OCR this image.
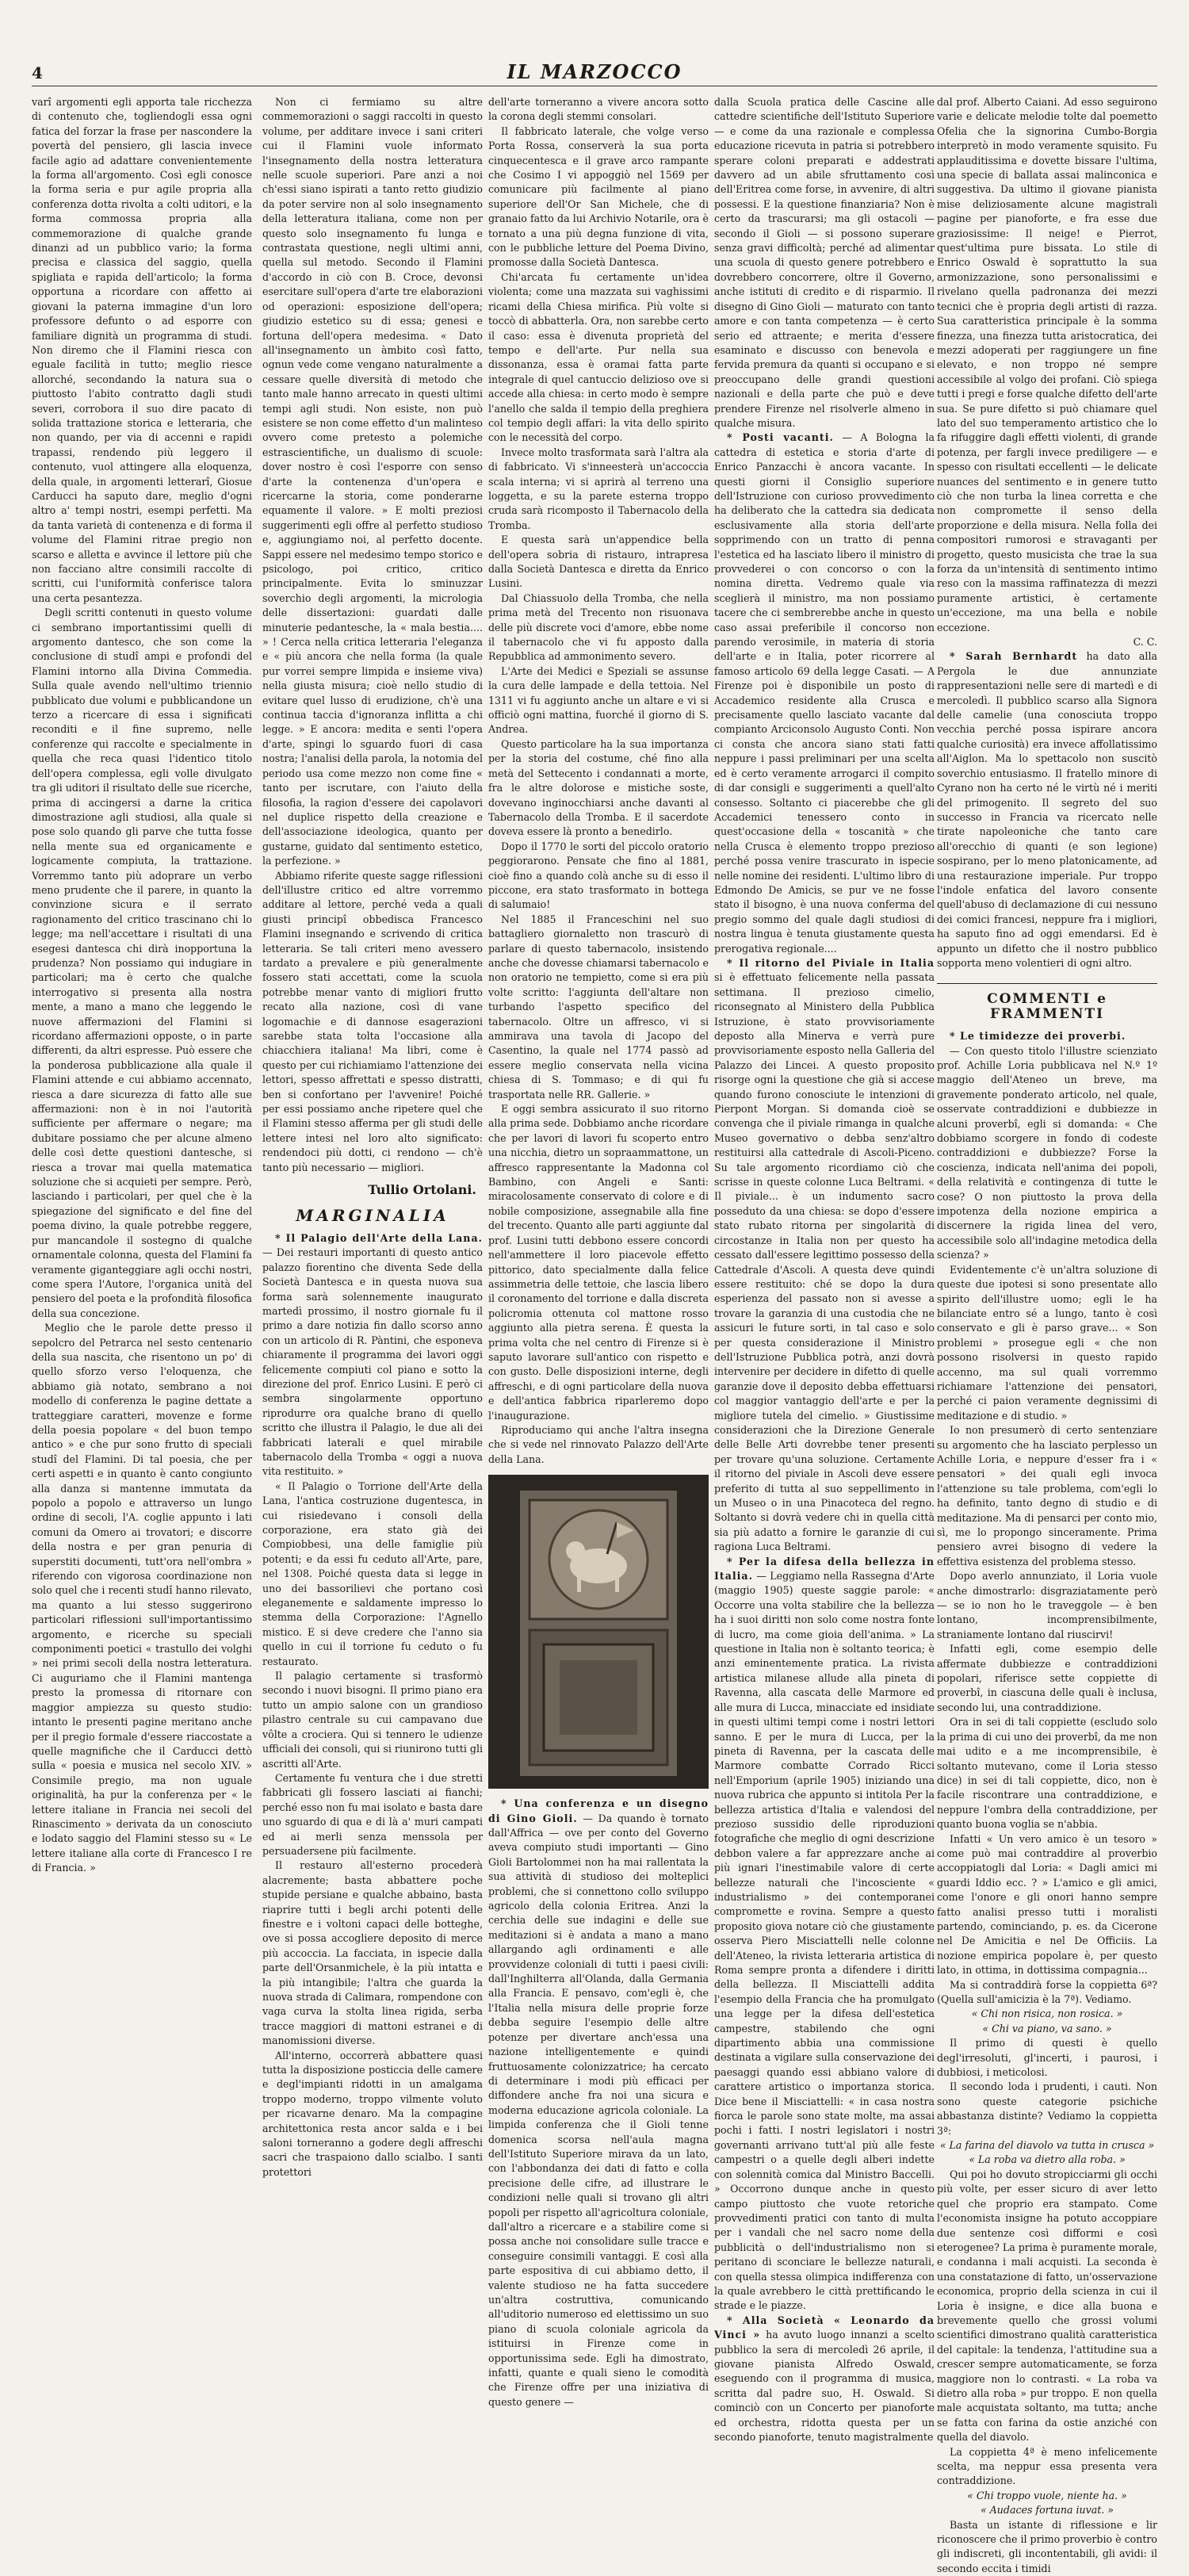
4	IL MARZOCCO

varî argomenti egli apporta tale ricchezza di contenuto che, togliendogli essa ogni fatica del forzar la frase per nascondere la povertà del pensiero, gli lascia invece facile agio ad adattare convenientemente la forma all'argomento. Così egli conosce la forma seria e pur agile propria alla conferenza dotta rivolta a colti uditori, e la forma commossa propria alla commemorazione di qualche grande dinanzi ad un pubblico vario; la forma precisa e classica del saggio, quella spigliata e rapida dell'articolo; la forma opportuna a ricordare con affetto ai giovani la paterna immagine d'un loro professore defunto o ad esporre con familiare dignità un programma di studi. Non diremo che il Flamini riesca con eguale facilità in tutto; meglio riesce allorché, secondando la natura sua o piuttosto l'abito contratto dagli studi severi, corrobora il suo dire pacato di solida trattazione storica e letteraria, che non quando, per via di accenni e rapidi trapassi, rendendo più leggero il contenuto, vuol attingere alla eloquenza, della quale, in argomenti letterarî, Giosue Carducci ha saputo dare, meglio d'ogni altro a' tempi nostri, esempi perfetti. Ma da tanta varietà di contenenza e di forma il volume del Flamini ritrae pregio non scarso e alletta e avvince il lettore più che non facciano altre consimili raccolte di scritti, cui l'uniformità conferisce talora una certa pesantezza.

Degli scritti contenuti in questo volume ci sembrano importantissimi quelli di argomento dantesco, che son come la conclusione di studî ampi e profondi del Flamini intorno alla Divina Commedia. Sulla quale avendo nell'ultimo triennio pubblicato due volumi e pubblicandone un terzo a ricercare di essa i significati reconditi e il fine supremo, nelle conferenze qui raccolte e specialmente in quella che reca quasi l'identico titolo dell'opera complessa, egli volle divulgato tra gli uditori il risultato delle sue ricerche, prima di accingersi a darne la critica dimostrazione agli studiosi, alla quale si pose solo quando gli parve che tutta fosse nella mente sua ed organicamente e logicamente compiuta, la trattazione. Vorremmo tanto più adoprare un verbo meno prudente che il parere, in quanto la convinzione sicura e il serrato ragionamento del critico trascinano chi lo legge; ma nell'accettare i risultati di una esegesi dantesca chi dirà inopportuna la prudenza? Non possiamo qui indugiare in particolari; ma è certo che qualche interrogativo si presenta alla nostra mente, a mano a mano che leggendo le nuove affermazioni del Flamini si ricordano affermazioni opposte, o in parte differenti, da altri espresse. Può essere che la ponderosa pubblicazione alla quale il Flamini attende e cui abbiamo accennato, riesca a dare sicurezza di fatto alle sue affermazioni: non è in noi l'autorità sufficiente per affermare o negare; ma dubitare possiamo che per alcune almeno delle così dette questioni dantesche, si riesca a trovar mai quella matematica soluzione che si acquieti per sempre. Però, lasciando i particolari, per quel che è la spiegazione del significato e del fine del poema divino, la quale potrebbe reggere, pur mancandole il sostegno di qualche ornamentale colonna, questa del Flamini fa veramente giganteggiare agli occhi nostri, come spera l'Autore, l'organica unità del pensiero del poeta e la profondità filosofica della sua concezione.

Meglio che le parole dette presso il sepolcro del Petrarca nel sesto centenario della sua nascita, che risentono un po' di quello sforzo verso l'eloquenza, che abbiamo già notato, sembrano a noi modello di conferenza le pagine dettate a tratteggiare caratteri, movenze e forme della poesia popolare « del buon tempo antico » e che pur sono frutto di speciali studî del Flamini. Di tal poesia, che per certi aspetti e in quanto è canto congiunto alla danza si mantenne immutata da popolo a popolo e attraverso un lungo ordine di secoli, l'A. coglie appunto i lati comuni da Omero ai trovatori; e discorre della nostra e per gran penuria di superstiti documenti, tutt'ora nell'ombra » riferendo con vigorosa coordinazione non solo quel che i recenti studî hanno rilevato, ma quanto a lui stesso suggerirono particolari riflessioni sull'importantissimo argomento, e ricerche su speciali componimenti poetici « trastullo dei volghi » nei primi secoli della nostra letteratura. Ci auguriamo che il Flamini mantenga presto la promessa di ritornare con maggior ampiezza su questo studio: intanto le presenti pagine meritano anche per il pregio formale d'essere riaccostate a quelle magnifiche che il Carducci dettò sulla « poesia e musica nel secolo XIV. » Consimile pregio, ma non uguale originalità, ha pur la conferenza per « le lettere italiane in Francia nei secoli del Rinascimento » derivata da un conosciuto e lodato saggio del Flamini stesso su « Le lettere italiane alla corte di Francesco I re di Francia. »

Non ci fermiamo su altre commemorazioni o saggi raccolti in questo volume, per additare invece i sani criteri cui il Flamini vuole informato l'insegnamento della nostra letteratura nelle scuole superiori. Pare anzi a noi ch'essi siano ispirati a tanto retto giudizio da poter servire non al solo insegnamento della letteratura italiana, come non per questo solo insegnamento fu lunga e contrastata questione, negli ultimi anni, quella sul metodo. Secondo il Flamini d'accordo in ciò con B. Croce, devonsi esercitare sull'opera d'arte tre elaborazioni od operazioni: esposizione dell'opera; giudizio estetico su di essa; genesi e fortuna dell'opera medesima. « Dato all'insegnamento un àmbito così fatto, ognun vede come vengano naturalmente a cessare quelle diversità di metodo che tanto male hanno arrecato in questi ultimi tempi agli studi. Non esiste, non può esistere se non come effetto d'un malinteso ovvero come pretesto a polemiche estrascientifiche, un dualismo di scuole: dover nostro è così l'esporre con senso d'arte la contenenza d'un'opera e ricercarne la storia, come ponderarne equamente il valore. » E molti preziosi suggerimenti egli offre al perfetto studioso e, aggiungiamo noi, al perfetto docente. Sappi essere nel medesimo tempo storico e psicologo, poi critico, critico principalmente. Evita lo sminuzzar soverchio degli argomenti, la micrologia delle dissertazioni: guardati dalle minuterie pedantesche, la « mala bestia.... » ! Cerca nella critica letteraria l'eleganza e « più ancora che nella forma (la quale pur vorrei sempre limpida e insieme viva) nella giusta misura; cioè nello studio di evitare quel lusso di erudizione, ch'è una continua taccia d'ignoranza inflitta a chi legge. » E ancora: medita e senti l'opera d'arte, spingi lo sguardo fuori di casa nostra; l'analisi della parola, la notomia del periodo usa come mezzo non come fine « tanto per iscrutare, con l'aiuto della filosofia, la ragion d'essere dei capolavori nel duplice rispetto della creazione e dell'associazione ideologica, quanto per gustarne, guidato dal sentimento estetico, la perfezione. »

Abbiamo riferite queste sagge riflessioni dell'illustre critico ed altre vorremmo additare al lettore, perché veda a quali giusti principî obbedisca Francesco Flamini insegnando e scrivendo di critica letteraria. Se tali criteri meno avessero tardato a prevalere e più generalmente fossero stati accettati, come la scuola potrebbe menar vanto di migliori frutto recato alla nazione, così di vane logomachie e di dannose esagerazioni sarebbe stata tolta l'occasione alla chiacchiera italiana! Ma libri, come è questo per cui richiamiamo l'attenzione dei lettori, spesso affrettati e spesso distratti, ben si confortano per l'avvenire! Poiché per essi possiamo anche ripetere quel che il Flamini stesso afferma per gli studi delle lettere intesi nel loro alto significato: rendendoci più dotti, ci rendono — ch'è tanto più necessario — migliori.

Tullio Ortolani.

MARGINALIA

* Il Palagio dell'Arte della Lana. — Dei restauri importanti di questo antico palazzo fiorentino che diventa Sede della Società Dantesca e in questa nuova sua forma sarà solennemente inaugurato martedì prossimo, il nostro giornale fu il primo a dare notizia fin dallo scorso anno con un articolo di R. Pàntini, che esponeva chiaramente il programma dei lavori oggi felicemente compiuti col piano e sotto la direzione del prof. Enrico Lusini. E però ci sembra singolarmente opportuno riprodurre ora qualche brano di quello scritto che illustra il Palagio, le due ali dei fabbricati laterali e quel mirabile tabernacolo della Tromba « oggi a nuova vita restituito. »

« Il Palagio o Torrione dell'Arte della Lana, l'antica costruzione dugentesca, in cui risiedevano i consoli della corporazione, era stato già dei Compiobbesi, una delle famiglie più potenti; e da essi fu ceduto all'Arte, pare, nel 1308. Poiché questa data si legge in uno dei bassorilievi che portano così eleganemente e saldamente impresso lo stemma della Corporazione: l'Agnello mistico. E si deve credere che l'anno sia quello in cui il torrione fu ceduto o fu restaurato.

Il palagio certamente si trasformò secondo i nuovi bisogni. Il primo piano era tutto un ampio salone con un grandioso pilastro centrale su cui campavano due vôlte a crociera. Qui si tennero le udienze ufficiali dei consoli, qui si riunirono tutti gli ascritti all'Arte.

Certamente fu ventura che i due stretti fabbricati gli fossero lasciati ai fianchi; perché esso non fu mai isolato e basta dare uno sguardo di qua e di là a' muri campati ed ai merli senza menssola per persuadersene più facilmente.

Il restauro all'esterno procederà alacremente; basta abbattere poche stupide persiane e qualche abbaino, basta riaprire tutti i begli archi potenti delle finestre e i voltoni capaci delle botteghe, ove si possa accogliere deposito di merce più accoccia. La facciata, in ispecie dalla parte dell'Orsanmichele, è la più intatta e la più intangibile; l'altra che guarda la nuova strada di Calimara, rompendone con vaga curva la stolta linea rigida, serba tracce maggiori di mattoni estranei e di manomissioni diverse.

All'interno, occorrerà abbattere quasi tutta la disposizione posticcia delle camere e degl'impianti ridotti in un amalgama troppo moderno, troppo vilmente voluto per ricavarne denaro. Ma la compagine architettonica resta ancor salda e i bei saloni torneranno a godere degli affreschi sacri che traspaiono dallo scialbo. I santi protettori

dell'arte torneranno a vivere ancora sotto la corona degli stemmi consolari.

Il fabbricato laterale, che volge verso Porta Rossa, conserverà la sua porta cinquecentesca e il grave arco rampante che Cosimo I vi appoggiò nel 1569 per comunicare più facilmente al piano superiore dell'Or San Michele, che di granaio fatto da lui Archivio Notarile, ora è tornato a una più degna funzione di vita, con le pubbliche letture del Poema Divino, promosse dalla Società Dantesca.

Chi'arcata fu certamente un'idea violenta; come una mazzata sui vaghissimi ricami della Chiesa mirifica. Più volte si toccò di abbatterla. Ora, non sarebbe certo il caso: essa è divenuta proprietà del tempo e dell'arte. Pur nella sua dissonanza, essa è oramai fatta parte integrale di quel cantuccio delizioso ove si accede alla chiesa: in certo modo è sempre l'anello che salda il tempio della preghiera col tempio degli affari: la vita dello spirito con le necessità del corpo.

Invece molto trasformata sarà l'altra ala di fabbricato. Vi s'inneesterà un'accoccia scala interna; vi si aprirà al terreno una loggetta, e su la parete esterna troppo cruda sarà ricomposto il Tabernacolo della Tromba.

E questa sarà un'appendice bella dell'opera sobria di ristauro, intrapresa dalla Società Dantesca e diretta da Enrico Lusini.

Dal Chiassuolo della Tromba, che nella prima metà del Trecento non risuonava delle più discrete voci d'amore, ebbe nome il tabernacolo che vi fu apposto dalla Repubblica ad ammonimento severo.

L'Arte dei Medici e Speziali se assunse la cura delle lampade e della tettoia. Nel 1311 vi fu aggiunto anche un altare e vi si officiò ogni mattina, fuorché il giorno di S. Andrea.

Questo particolare ha la sua importanza per la storia del costume, ché fino alla metà del Settecento i condannati a morte, fra le altre dolorose e mistiche soste, dovevano inginocchiarsi anche davanti al Tabernacolo della Tromba. E il sacerdote doveva essere là pronto a benedirlo.

Dopo il 1770 le sorti del piccolo oratorio peggiorarono. Pensate che fino al 1881, cioè fino a quando colà anche su di esso il piccone, era stato trasformato in bottega di salumaio!

Nel 1885 il Franceschini nel suo battagliero giornaletto non trascurò di parlare di questo tabernacolo, insistendo anche che dovesse chiamarsi tabernacolo e non oratorio ne tempietto, come si era più volte scritto: l'aggiunta dell'altare non turbando l'aspetto specifico del tabernacolo. Oltre un affresco, vi si ammirava una tavola di Jacopo del Casentino, la quale nel 1774 passò ad essere meglio conservata nella vicina chiesa di S. Tommaso; e di qui fu trasportata nelle RR. Gallerie. »

E oggi sembra assicurato il suo ritorno alla prima sede. Dobbiamo anche ricordare che per lavori di lavori fu scoperto entro una nicchia, dietro un sopraammattone, un affresco rappresentante la Madonna col Bambino, con Angeli e Santi: miracolosamente conservato di colore e di nobile composizione, assegnabile alla fine del trecento. Quanto alle parti aggiunte dal prof. Lusini tutti debbono essere concordi nell'ammettere il loro piacevole effetto pittorico, dato specialmente dalla felice assimmetria delle tettoie, che lascia libero il coronamento del torrione e dalla discreta policromia ottenuta col mattone rosso aggiunto alla pietra serena. È questa la prima volta che nel centro di Firenze si è saputo lavorare sull'antico con rispetto e con gusto. Delle disposizioni interne, degli affreschi, e di ogni particolare della nuova e dell'antica fabbrica riparleremo dopo l'inaugurazione.

Riproduciamo qui anche l'altra insegna che si vede nel rinnovato Palazzo dell'Arte della Lana.

* Una conferenza e un disegno di Gino Gioli. — Da quando è tornato dall'Affrica — ove per conto del Governo aveva compiuto studi importanti — Gino Gioli Bartolommei non ha mai rallentata la sua attività di studioso dei molteplici problemi, che si connettono collo sviluppo agricolo della colonia Eritrea. Anzi la cerchia delle sue indagini e delle sue meditazioni si è andata a mano a mano allargando agli ordinamenti e alle provvidenze coloniali di tutti i paesi civili: dall'Inghilterra all'Olanda, dalla Germania alla Francia. E pensavo, com'egli è, che l'Italia nella misura delle proprie forze debba seguire l'esempio delle altre potenze per divertare anch'essa una nazione intelligentemente e quindi fruttuosamente colonizzatrice; ha cercato di determinare i modi più efficaci per diffondere anche fra noi una sicura e moderna educazione agricola coloniale. La limpida conferenza che il Gioli tenne domenica scorsa nell'aula magna dell'Istituto Superiore mirava da un lato, con l'abbondanza dei dati di fatto e colla precisione delle cifre, ad illustrare le condizioni nelle quali si trovano gli altri popoli per rispetto all'agricoltura coloniale, dall'altro a ricercare e a stabilire come si possa anche noi consolidare sulle tracce e conseguire consimili vantaggi. E così alla parte espositiva di cui abbiamo detto, il valente studioso ne ha fatta succedere un'altra costruttiva, comunicando all'uditorio numeroso ed elettissimo un suo piano di scuola coloniale agricola da istituirsi in Firenze come in opportunissima sede. Egli ha dimostrato, infatti, quante e quali sieno le comodità che Firenze offre per una iniziativa di questo genere —

dalla Scuola pratica delle Cascine alle cattedre scientifiche dell'Istituto Superiore — e come da una razionale e complessa educazione ricevuta in patria si potrebbero sperare coloni preparati e addestrati davvero ad un abile sfruttamento così dell'Eritrea come forse, in avvenire, di altri possessi. E la questione finanziaria? Non è certo da trascurarsi; ma gli ostacoli — secondo il Gioli — si possono superare senza gravi difficoltà; perché ad alimentar una scuola di questo genere potrebbero e dovrebbero concorrere, oltre il Governo, anche istituti di credito e di risparmio. Il disegno di Gino Gioli — maturato con tanto amore e con tanta competenza — è certo serio ed attraente; e merita d'essere esaminato e discusso con benevola e fervida premura da quanti si occupano e si preoccupano delle grandi questioni nazionali e della parte che può e deve prendere Firenze nel risolverle almeno in qualche misura.

* Posti vacanti. — A Bologna la cattedra di estetica e storia d'arte di Enrico Panzacchi è ancora vacante. In questi giorni il Consiglio superiore dell'Istruzione con curioso provvedimento ha deliberato che la cattedra sia dedicata esclusivamente alla storia dell'arte sopprimendo con un tratto di penna l'estetica ed ha lasciato libero il ministro di provvederei o con concorso o con la nomina diretta. Vedremo quale via sceglierà il ministro, ma non possiamo tacere che ci sembrerebbe anche in questo caso assai preferibile il concorso non parendo verosimile, in materia di storia dell'arte e in Italia, poter ricorrere al famoso articolo 69 della legge Casati. — A Firenze poi è disponibile un posto di Accademico residente alla Crusca e precisamente quello lasciato vacante dal compianto Arciconsolo Augusto Conti. Non ci consta che ancora siano stati fatti neppure i passi preliminari per una scelta ed è certo veramente arrogarci il compito di dar consigli e suggerimenti a quell'alto consesso. Soltanto ci piacerebbe che gli Accademici tenessero conto in quest'occasione della « toscanità » che nella Crusca è elemento troppo prezioso perché possa venire trascurato in ispecie nelle nomine dei residenti. L'ultimo libro di Edmondo De Amicis, se pur ve ne fosse stato il bisogno, è una nuova conferma del pregio sommo del quale dagli studiosi di nostra lingua è tenuta giustamente questa prerogativa regionale....

* Il ritorno del Piviale in Italia si è effettuato felicemente nella passata settimana. Il prezioso cimelio, riconsegnato al Ministero della Pubblica Istruzione, è stato provvisoriamente deposto alla Minerva e verrà pure provvisoriamente esposto nella Galleria del Palazzo dei Lincei. A questo proposito risorge ogni la questione che già si accese quando furono conosciute le intenzioni di Pierpont Morgan. Si domanda cioè se convenga che il piviale rimanga in qualche Museo governativo o debba senz'altro restituirsi alla cattedrale di Ascoli-Piceno. Su tale argomento ricordiamo ciò che scrisse in queste colonne Luca Beltrami. « Il piviale... è un indumento sacro posseduto da una chiesa: se dopo d'essere stato rubato ritorna per singolarità di circostanze in Italia non per questo ha cessato dall'essere legittimo possesso della Cattedrale d'Ascoli. A questa deve quindi essere restituito: ché se dopo la dura esperienza del passato non si avesse a trovare la garanzia di una custodia che ne assicuri le future sorti, in tal caso e solo per questa considerazione il Ministro dell'Istruzione Pubblica potrà, anzi dovrà intervenire per decidere in difetto di quelle garanzie dove il deposito debba effettuarsi col maggior vantaggio dell'arte e per la migliore tutela del cimelio. » Giustissime considerazioni che la Direzione Generale delle Belle Arti dovrebbe tener presenti per trovare qu'una soluzione. Certamente il ritorno del piviale in Ascoli deve essere preferito di tutta al suo seppellimento in un Museo o in una Pinacoteca del regno. Soltanto si dovrà vedere chi in quella città sia più adatto a fornire le garanzie di cui ragiona Luca Beltrami.

* Per la difesa della bellezza in Italia. — Leggiamo nella Rassegna d'Arte (maggio 1905) queste saggie parole: « Occorre una volta stabilire che la bellezza ha i suoi diritti non solo come nostra fonte di lucro, ma come gioia dell'anima. » La questione in Italia non è soltanto teorica; è anzi eminentemente pratica. La rivista artistica milanese allude alla pineta di Ravenna, alla cascata delle Marmore ed alle mura di Lucca, minacciate ed insidiate in questi ultimi tempi come i nostri lettori sanno. E per le mura di Lucca, per la pineta di Ravenna, per la cascata delle Marmore combatte Corrado Ricci nell'Emporium (aprile 1905) iniziando una nuova rubrica che appunto si intitola Per la bellezza artistica d'Italia e valendosi del prezioso sussidio delle riproduzioni fotografiche che meglio di ogni descrizione debbon valere a far apprezzare anche ai più ignari l'inestimabile valore di certe bellezze naturali che l'incosciente « industrialismo » dei contemporanei compromette e rovina. Sempre a questo proposito giova notare ciò che giustamente osserva Piero Misciattelli nelle colonne dell'Ateneo, la rivista letteraria artistica di Roma sempre pronta a difendere i diritti della bellezza. Il Misciattelli addita l'esempio della Francia che ha promulgato una legge per la difesa dell'estetica campestre, stabilendo che ogni dipartimento abbia una commissione destinata a vigilare sulla conservazione dei paesaggi quando essi abbiano valore di carattere artistico o importanza storica. Dice bene il Misciattelli: « in casa nostra fiorca le parole sono state molte, ma assai pochi i fatti. I nostri legislatori i nostri governanti arrivano tutt'al più alle feste campestri o a quelle degli alberi indette con solennità comica dal Ministro Baccelli. » Occorrono dunque anche in questo campo piuttosto che vuote retoriche provvedimenti pratici con tanto di multa per i vandali che nel sacro nome della pubblicità o dell'industrialismo non si peritano di sconciare le bellezze naturali, con quella stessa olimpica indifferenza con la quale avrebbero le città prettificando le strade e le piazze.

* Alla Società « Leonardo da Vinci » ha avuto luogo innanzi a scelto pubblico la sera di mercoledì 26 aprile, il giovane pianista Alfredo Oswald, eseguendo con il programma di musica, scritta dal padre suo, H. Oswald. Si cominciò con un Concerto per pianoforte ed orchestra, ridotta questa per un secondo pianoforte, tenuto magistralmente

dal prof. Alberto Caiani. Ad esso seguirono varie e delicate melodie tolte dal poemetto Ofelia che la signorina Cumbo-Borgia interpretò in modo veramente squisito. Fu applauditissima e dovette bissare l'ultima, una specie di ballata assai malinconica e suggestiva. Da ultimo il giovane pianista mise deliziosamente alcune magistrali pagine per pianoforte, e fra esse due graziosissime: Il neige! e Pierrot, quest'ultima pure bissata. Lo stile di Enrico Oswald è soprattutto la sua armonizzazione, sono personalissimi e rivelano quella padronanza dei mezzi tecnici che è propria degli artisti di razza. Sua caratteristica principale è la somma finezza, una finezza tutta aristocratica, dei mezzi adoperati per raggiungere un fine elevato, e non troppo né sempre accessibile al volgo dei profani. Ciò spiega tutti i pregi e forse qualche difetto dell'arte sua. Se pure difetto si può chiamare quel lato del suo temperamento artistico che lo fa rifuggire dagli effetti violenti, di grande potenza, per fargli invece prediligere — e spesso con risultati eccellenti — le delicate nuances del sentimento e in genere tutto ciò che non turba la linea corretta e che non compromette il senso della proporzione e della misura. Nella folla dei compositori rumorosi e stravaganti per progetto, questo musicista che trae la sua forza da un'intensità di sentimento intimo reso con la massima raffinatezza di mezzi puramente artistici, è certamente un'eccezione, ma una bella e nobile eccezione.

C. C.

* Sarah Bernhardt ha dato alla Pergola le due annunziate rappresentazioni nelle sere di martedì e di mercoledì. Il pubblico scarso alla Signora delle camelie (una conosciuta troppo vecchia perché possa ispirare ancora qualche curiosità) era invece affollatissimo all'Aiglon. Ma lo spettacolo non suscitò soverchio entusiasmo. Il fratello minore di Cyrano non ha certo né le virtù né i meriti del primogenito. Il segreto del suo successo in Francia va ricercato nelle tirate napoleoniche che tanto care all'orecchio di quanti (e son legione) sospirano, per lo meno platonicamente, ad una restaurazione imperiale. Pur troppo l'indole enfatica del lavoro consente quell'abuso di declamazione di cui nessuno dei comici francesi, neppure fra i migliori, ha saputo fino ad oggi emendarsi. Ed è appunto un difetto che il nostro pubblico sopporta meno volentieri di ogni altro.

COMMENTI e FRAMMENTI

* Le timidezze dei proverbi.

— Con questo titolo l'illustre scienziato prof. Achille Loria pubblicava nel N.º 1º maggio dell'Ateneo un breve, ma gravemente ponderato articolo, nel quale, osservate contraddizioni e dubbiezze in alcuni proverbî, egli si domanda: « Che dobbiamo scorgere in fondo di codeste contraddizioni e dubbiezze? Forse la coscienza, indicata nell'anima dei popoli, della relatività e contingenza di tutte le cose? O non piuttosto la prova della impotenza della nozione empirica a discernere la rigida linea del vero, accessibile solo all'indagine metodica della scienza? »

Evidentemente c'è un'altra soluzione di queste due ipotesi si sono presentate allo spirito dell'illustre uomo; egli le ha bilanciate entro sé a lungo, tanto è così conservato e gli è parso grave... « Son problemi » prosegue egli « che non possono risolversi in questo rapido accenno, ma sul quali vorremmo richiamare l'attenzione dei pensatori, perché ci paion veramente degnissimi di meditazione e di studio. »

Io non presumerò di certo sentenziare su argomento che ha lasciato perplesso un Achille Loria, e neppure d'esser fra i « pensatori » dei quali egli invoca l'attenzione su tale problema, com'egli lo ha definito, tanto degno di studio e di meditazione. Ma di pensarci per conto mio, sì, me lo propongo sinceramente. Prima pensiero avrei bisogno di vedere la effettiva esistenza del problema stesso.

Dopo averlo annunziato, il Loria vuole anche dimostrarlo: disgraziatamente però — se io non ho le traveggole — è ben lontano, incomprensibilmente, straniamente lontano dal riuscirvi!

Infatti egli, come esempio delle affermate dubbiezze e contraddizioni popolari, riferisce sette coppiette di proverbî, in ciascuna delle quali è inclusa, secondo lui, una contraddizione.

Ora in sei di tali coppiette (escludo solo la prima di cui uno dei proverbî, da me non mai udito e a me incomprensibile, è soltanto mutevano, come il Loria stesso dice) in sei di tali coppiette, dico, non è facile riscontrare una contraddizione, e neppure l'ombra della contraddizione, per quanto buona voglia se n'abbia.

Infatti « Un vero amico è un tesoro » come può mai contraddire al proverbio accoppiatogli dal Loria: « Dagli amici mi guardi Iddio ecc. ? » L'amico e gli amici, come l'onore e gli onori hanno sempre fatto analisi presso tutti i moralisti partendo, cominciando, p. es. da Cicerone nel De Amicitia e nel De Officiis. La nozione empirica popolare è, per questo lato, in ottima, in dottissima compagnia...

Ma si contraddirà forse la coppietta 6ª? (Quella sull'amicizia è la 7ª). Vediamo.

« Chi non risica, non rosica. »

« Chi va piano, va sano. »

Il primo di questi è quello degl'irresoluti, gl'incerti, i paurosi, i dubbiosi, i meticolosi.

Il secondo loda i prudenti, i cauti. Non sono queste categorie psichiche abbastanza distinte? Vediamo la coppietta 3ª:

« La farina del diavolo va tutta in crusca »

« La roba va dietro alla roba. »

Qui poi ho dovuto stropicciarmi gli occhi più volte, per esser sicuro di aver letto quel che proprio era stampato. Come l'economista insigne ha potuto accoppiare due sentenze così difformi e così eterogenee? La prima è puramente morale, e condanna i mali acquisti. La seconda è una constatazione di fatto, un'osservazione economica, proprio della scienza in cui il Loria è insigne, e dice alla buona e brevemente quello che grossi volumi scientifici dimostrano qualità caratteristica del capitale: la tendenza, l'attitudine sua a crescer sempre automaticamente, se forza maggiore non lo contrasti. « La roba va dietro alla roba » pur troppo. E non quella male acquistata soltanto, ma tutta; anche se fatta con farina da ostie anziché con quella del diavolo.

La coppietta 4ª è meno infelicemente scelta, ma neppur essa presenta vera contraddizione.

« Chi troppo vuole, niente ha. »

« Audaces fortuna iuvat. »

Basta un istante di riflessione e lir riconoscere che il primo proverbio è contro gli indiscreti, gli incontentabili, gli avidi: il secondo eccita i timidi
